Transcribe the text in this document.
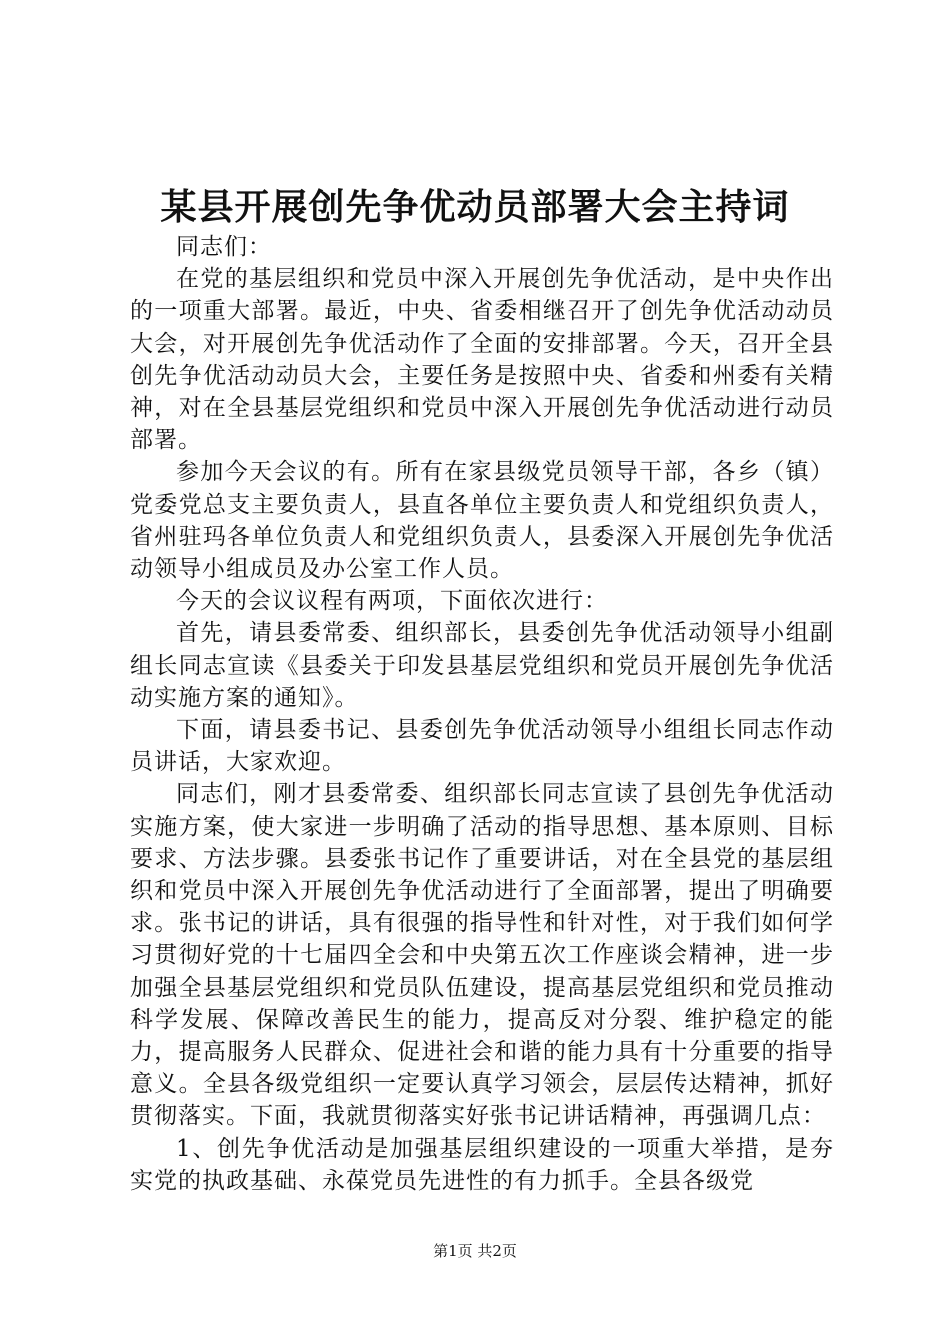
某县开展创先争优动员部署大会主持词

同志们：

在党的基层组织和党员中深入开展创先争优活动，是中央作出的一项重大部署。最近，中央、省委相继召开了创先争优活动动员大会，对开展创先争优活动作了全面的安排部署。今天，召开全县创先争优活动动员大会，主要任务是按照中央、省委和州委有关精神，对在全县基层党组织和党员中深入开展创先争优活动进行动员部署。

参加今天会议的有。所有在家县级党员领导干部，各乡（镇）党委党总支主要负责人，县直各单位主要负责人和党组织负责人，省州驻玛各单位负责人和党组织负责人，县委深入开展创先争优活动领导小组成员及办公室工作人员。

今天的会议议程有两项，下面依次进行：

首先，请县委常委、组织部长，县委创先争优活动领导小组副组长同志宣读《县委关于印发县基层党组织和党员开展创先争优活动实施方案的通知》。

下面，请县委书记、县委创先争优活动领导小组组长同志作动员讲话，大家欢迎。

同志们，刚才县委常委、组织部长同志宣读了县创先争优活动实施方案，使大家进一步明确了活动的指导思想、基本原则、目标要求、方法步骤。县委张书记作了重要讲话，对在全县党的基层组织和党员中深入开展创先争优活动进行了全面部署，提出了明确要求。张书记的讲话，具有很强的指导性和针对性，对于我们如何学习贯彻好党的十七届四全会和中央第五次工作座谈会精神，进一步加强全县基层党组织和党员队伍建设，提高基层党组织和党员推动科学发展、保障改善民生的能力，提高反对分裂、维护稳定的能力，提高服务人民群众、促进社会和谐的能力具有十分重要的指导意义。全县各级党组织一定要认真学习领会，层层传达精神，抓好贯彻落实。下面，我就贯彻落实好张书记讲话精神，再强调几点：

1、创先争优活动是加强基层组织建设的一项重大举措，是夯实党的执政基础、永葆党员先进性的有力抓手。全县各级党

第1页 共2页
